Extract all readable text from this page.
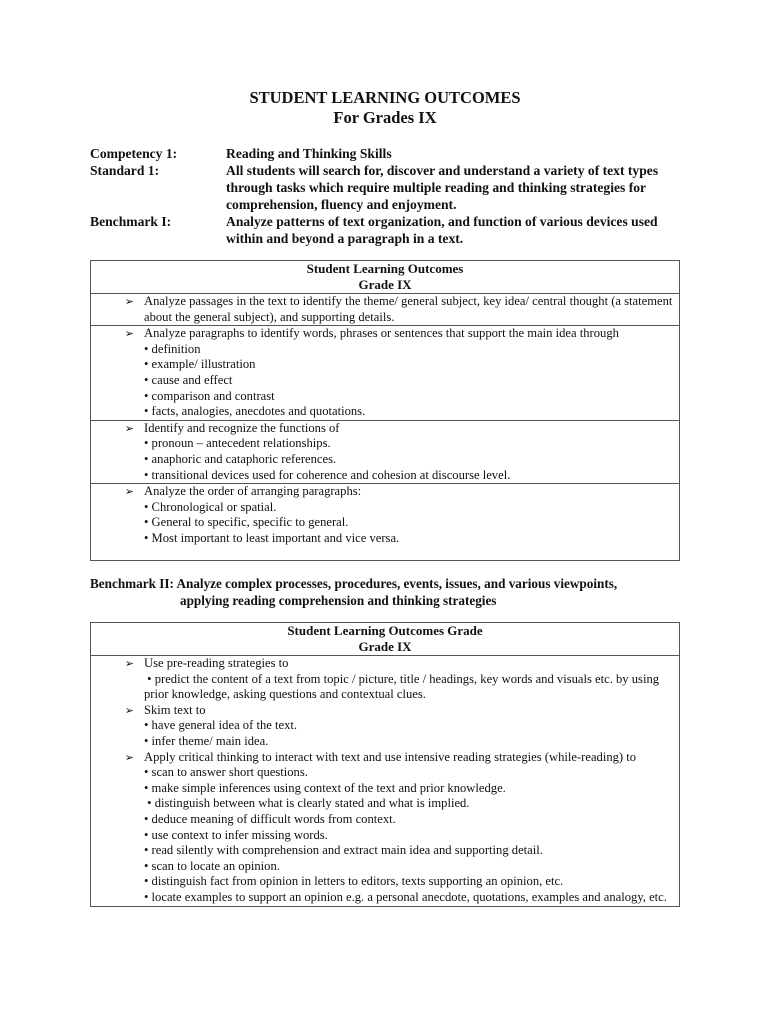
STUDENT LEARNING OUTCOMES
For Grades IX
Competency 1:	Reading and Thinking Skills
Standard 1:	All students will search for, discover and understand a variety of text types through tasks which require multiple reading and thinking strategies for comprehension, fluency and enjoyment.
Benchmark I:	Analyze patterns of text organization, and function of various devices used within and beyond a paragraph in a text.
Student Learning Outcomes
Grade IX

➢ Analyze passages in the text to identify the theme/ general subject, key idea/ central thought (a statement about the general subject), and supporting details.

➢ Analyze paragraphs to identify words, phrases or sentences that support the main idea through
• definition
• example/ illustration
• cause and effect
• comparison and contrast
• facts, analogies, anecdotes and quotations.

➢ Identify and recognize the functions of
• pronoun – antecedent relationships.
• anaphoric and cataphoric references.
• transitional devices used for coherence and cohesion at discourse level.

➢ Analyze the order of arranging paragraphs:
• Chronological or spatial.
• General to specific, specific to general.
• Most important to least important and vice versa.
Benchmark II: Analyze complex processes, procedures, events, issues, and various viewpoints,
applying reading comprehension and thinking strategies
Student Learning Outcomes Grade
Grade IX

➢ Use pre-reading strategies to
• predict the content of a text from topic / picture, title / headings, key words and visuals etc. by using prior knowledge, asking questions and contextual clues.
➢ Skim text to
• have general idea of the text.
• infer theme/ main idea.
➢ Apply critical thinking to interact with text and use intensive reading strategies (while-reading) to
• scan to answer short questions.
• make simple inferences using context of the text and prior knowledge.
• distinguish between what is clearly stated and what is implied.
• deduce meaning of difficult words from context.
• use context to infer missing words.
• read silently with comprehension and extract main idea and supporting detail.
• scan to locate an opinion.
• distinguish fact from opinion in letters to editors, texts supporting an opinion, etc.
• locate examples to support an opinion e.g. a personal anecdote, quotations, examples and analogy, etc.
